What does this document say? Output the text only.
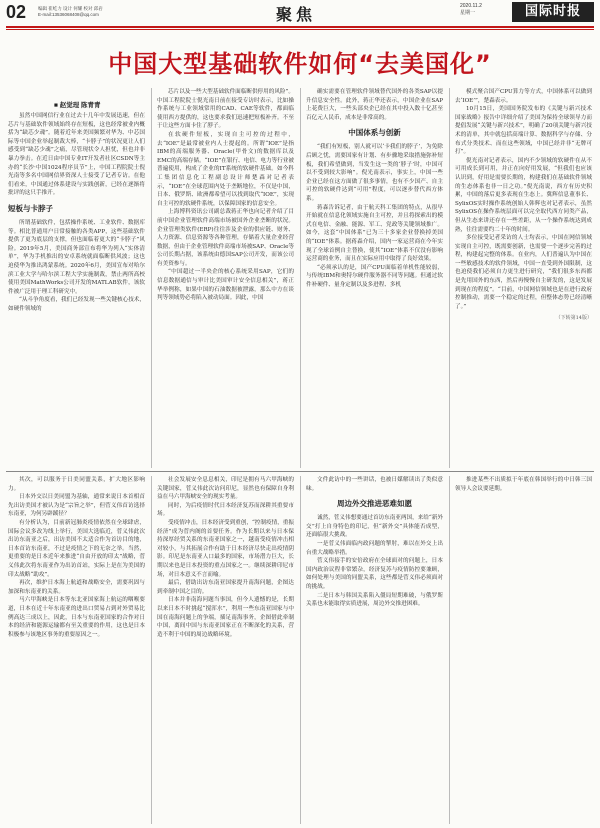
02	编辑 崔屹力 设计 何耀 校对 邱岩
E-mail:13536068408@qq.com	聚焦	2020.11.2
星期一	国际时报
中国大型基础软件如何“去美国化”
■ 赵觉珵 陈青青

虽然中国网信行业在过去十几年中发展迅速，但在芯片与基础软件领域始终存在短板，这也经常被业内概括为“缺芯少魂”。随着近年来美国频繁对华为、中芯国际等中国企业举起制裁大棒，“卡脖子”的状况更让人们感受到“缺芯少魂”之痛，尽管现状令人担忧，但也并非暴力拳击。在近日由中国专业IT开发者社区CSDN等主办的“长沙·中国1024程序员节”上，中国工程院院士倪光南等多名中国网信界资深人士接受了记者专访。在他们看来，中国通过体系建设与实践创新，已经在逐渐将批评的这只手推开。

短板与卡脖子

所谓基础软件，包括操作系统、工业软件、数据库等。相比普通用户日常接触的各类APP，这些基础软件提供了更为底层的支撑，但也面临着更大的“卡脖子”风险。2019年5月，美国商务部宣布将华为列入“实体清单”，华为手机推出的安卓系统就面临断供风波；这也迫使华为推出鸿蒙系统。2020年6月，美国宣布对哈尔滨工业大学与哈尔滨工程大学实施制裁，禁止两所高校使用美国MathWorks公司开发的MATLAB软件，该软件被广泛用于理工科研究中。

“从斗争角度看，我们已经发现一些关键核心技术，如硬件领域的

芯片以及一些大型基础软件面临断供停用的风险”。中国工程院院士倪光南日前在接受专访时表示，比如操作系统与工业领域常用的CAD、CAE等软件，都面临使用西方提供的，这也要求我们迅速把短板补齐。不至于让这些方面卡住了脖子。

在软硬件短板，实现自主可控的过程中，去“IOE”是最常被业内人士提起的。所谓“IOE”是指IBM的高端服务器、Oracle(甲骨文)的数据库以及EMC的高端存储。“IOE”在银行、电信、电力等行业被普遍使用，构成了企业的IT系统的软硬件基础。如今科工集团信息化工程副总设计师楚森对记者表示，“IOE”在全球范围内处于垄断地位，不仅是中国，日本、俄罗斯、欧洲都希望可以找到取代“IOE”，实现自主可控的软硬件系统，以保障国家的信息安全。

上海博科资讯公司副总裁蒋正华也向记者介绍了目前中国企业管理软件高端市场被国外企业垄断的状况。企业管理类软件(ERP)往往涉及企业的供应链、财务、人力资源、信息资源等各种管理，存储着大量企业经营数据，但由于企业管理软件高端市场被SAP、Oracle等公司长期占据，该系统由德国SAP公司开发，而该公司有美资参与。

“中国超过一半央企的核心系统采用SAP，它们的信息数据通信与审计比美国审计安全信息相关”，蒋正华举例称，如果中国的石油数据被泄露，那么中方在谈判等领域势必将陷入被动局面。因此，中国

确实需要在管理软件领域替代国外的各类SAP以提升信息安全性。此外，蒋正华还表示，中国企业在SAP上花费巨大，一些头部央企已经在其中投入数十亿甚至百亿元人民币，成本是非常高的。

中国体系与创新

“我们有短板，别人就可以‘卡我们的脖子’，为免除后顾之忧，需要国家有计划、有步骤地采取措施弥补短板，我们希望做到，当发生这一类的‘脖子’时，中国可以不受到较大影响”。倪光南表示，事实上，中国一些企业已经在这方面做了很多事情，也有不少国产、自主可控的软硬件达到“可用”程度，可以逐步替代西方体系。

蒋森告诉记者，由于航天科工集团的特点，从很早开始就在信息化领域实施自主可控，并且将探索出的模式在电信、金融、能源、军工、党政等关键领域推广。如今，这套“中国体系”已为三十多家企业替换掉美国的“IOE”体系。据蒋森介绍，国内一家运营商在今年实现了全球首例自主替换，使其“IOE”体系不仅没有影响运营商的业务，而且在实际应用中取得了良好效果。

“必须承认的是，国产CPU面临着单机性能较弱，与传统IBM和奥特尔硬件服务器不同等问题。但通过软件补硬件、量身定制以及多进程、多机

模式聚合国产CPU算力等方式，中国体系可以做到去‘IOE’”，楚森表示。

10月15日，美国国务院发布的《关键与新兴技术国家战略》报告中详细介绍了美国为保持全球领导力而提倡发展“关键与新兴技术”，明确了20项关键与新兴技术的清单，其中就包括高端计算、数据科学与存储、分布式分类技术、而在这些领域，中国已经并非“无牌可打”。

倪光南对记者表示，国内不少领域的软硬件在从不可用成长到可用，并正在向好用发展，“但我们也应该认识到，好用是需要长期的，构建我们在基础软件领域的生态体系也非一日之功。”倪光南说，西方有历史积累，中国的落后更多表现在生态上。冀辉信息董事长、SylixOS实时操作系统创始人韩辉也对记者表示，虽然SylixOS在操作系统层面可以完全取代西方同类产品，但从生态来讲还存在一些差距，从一个操作系统达到成熟，往往需要约二十年的时间。

多位接受记者采访的人士均表示，中国在网信领域实现自主可控，既需要创新，也需要一个逐步完善的过程，构建起完整的体系。在业内，人们普遍认为中国在一些敏感技术的软件领域，中国一直受到外国限制，这也迫使我们必须自力更生进行研究，“我们很多东西都是先用国外的东西，然后再慢慢自主研发的，这是发展到现在的程度”。“目前，中国网信领域也是在进行政府控制推动，需要一个稳定的过程，但整体态势已经清晰了。”

（下转第14版）

其次，可以服务于日美同盟关系，扩大地区影响力。

日本外交以日美同盟为基轴，通常来说日本首相首先出访美国才被认为是“宗旨之举”，但菅义伟首访选择东南亚，为何另辟蹊径？

有分析认为，目前新冠肺炎疫情依然在全球肆虐，国际会议多改为线上举行，美国大选临近，菅义伟此次出访东南亚之后，出访美国不太适合作为首访目的地，日本首访东南亚，不过是疫情之下的无奈之举。当然，更重要的是日本近年来推进“自由开放的印太”战略，菅义伟此次将东南亚作为出访首站，实际上是在为美国的印太战略“助攻”。

再次，维护日本海上航道和战略安全，需要巩固与加深和东南亚的关系。

马六甲海峡是日本等东北亚国家海上航运的咽喉要道，日本在近十年东南亚的进出口贸易占到对外贸易比例高达三成以上，因此，日本与东南亚国家的合作对日本的经济和能源运输都有至关重要的作用，这也是日本积极参与该地区事务的重要原因之一。

社会发展安全息息相关，印尼是拥有马六甲海峡的关键国家，菅义伟此次访问印尼，显然也有保障自身利益在马六甲海峡安全的现实考量。

同时，为后疫情时代日本经济复苏而深耕其重要市场。

受疫情冲击，日本经济受到重创，“控制疫情，重振经济”成为菅内阁的首要任务。作为长期以来与日本保持深厚经贸关系的东南亚国家之一，越南受疫情冲击相对较小，与其拓展合作有助于日本经济尽快走出疫情阴影。印尼是东南亚人口最多的国家，市场潜力巨大，长期以来也是日本投资的重点国家之一。继续深耕印尼市场，对日本意义不言而喻。

最后，借助出访东南亚国家提升南海问题，企图达到牵制中国之目的。

日本并非南海问题当事国，但今人遗憾的是，长期以来日本不时挑起“搅浑水”，利用一些东南亚国家与中国在南海问题上的争端，插足南海事务，企图借此牵制中国，离间中国与东南亚国家正在不断深化的关系，营造不利于中国的周边战略环境。

文件此访中的一些讲话，也被日媒解读出了类似意味。

周边外交推进恶难如愿

诚然，菅义伟想要通过首访东南亚两国，来给“新外交”打上自身特色的印记，但“新外交”具体能否成型，还面临很大挑战。

一是菅义伟面临内政问题的掣肘，难以在外交上出台重大战略举措。

菅义伟接手的安倍政府在全球面对的问题上，日本国内政治议程非常繁杂，经济复苏与疫情防控要兼顾，如何处理与美国的同盟关系，这些都是菅义伟必须面对的挑战。

二是日本与韩国关系陷入僵局短期难破，与俄罗斯关系也未能取得实质进展，周边外交推进困难。

推进某些不出质拟于年底在韩国举行的中日韩三国领导人会议要延期。
